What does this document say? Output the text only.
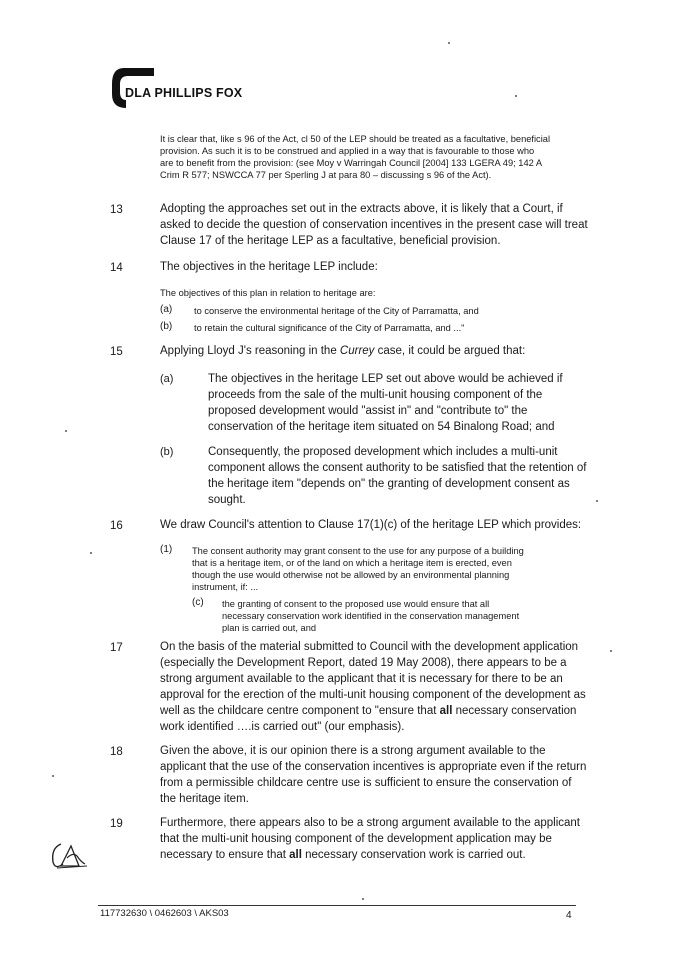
DLA PHILLIPS FOX
It is clear that, like s 96 of the Act, cl 50 of the LEP should be treated as a facultative, beneficial provision. As such it is to be construed and applied in a way that is favourable to those who are to benefit from the provision: (see Moy v Warringah Council [2004] 133 LGERA 49; 142 A Crim R 577; NSWCCA 77 per Sperling J at para 80 – discussing s 96 of the Act).
13	Adopting the approaches set out in the extracts above, it is likely that a Court, if asked to decide the question of conservation incentives in the present case will treat Clause 17 of the heritage LEP as a facultative, beneficial provision.
14	The objectives in the heritage LEP include:
The objectives of this plan in relation to heritage are:
(a) to conserve the environmental heritage of the City of Parramatta, and
(b) to retain the cultural significance of the City of Parramatta, and ..."
15	Applying Lloyd J's reasoning in the Currey case, it could be argued that:
(a)	The objectives in the heritage LEP set out above would be achieved if proceeds from the sale of the multi-unit housing component of the proposed development would "assist in" and "contribute to" the conservation of the heritage item situated on 54 Binalong Road; and
(b)	Consequently, the proposed development which includes a multi-unit component allows the consent authority to be satisfied that the retention of the heritage item "depends on" the granting of development consent as sought.
16	We draw Council's attention to Clause 17(1)(c) of the heritage LEP which provides:
(1) The consent authority may grant consent to the use for any purpose of a building that is a heritage item, or of the land on which a heritage item is erected, even though the use would otherwise not be allowed by an environmental planning instrument, if: ...
(c) the granting of consent to the proposed use would ensure that all necessary conservation work identified in the conservation management plan is carried out, and
17	On the basis of the material submitted to Council with the development application (especially the Development Report, dated 19 May 2008), there appears to be a strong argument available to the applicant that it is necessary for there to be an approval for the erection of the multi-unit housing component of the development as well as the childcare centre component to "ensure that all necessary conservation work identified ….is carried out" (our emphasis).
18	Given the above, it is our opinion there is a strong argument available to the applicant that the use of the conservation incentives is appropriate even if the return from a permissible childcare centre use is sufficient to ensure the conservation of the heritage item.
19	Furthermore, there appears also to be a strong argument available to the applicant that the multi-unit housing component of the development application may be necessary to ensure that all necessary conservation work is carried out.
117732630 \ 0462603 \ AKS03	4
